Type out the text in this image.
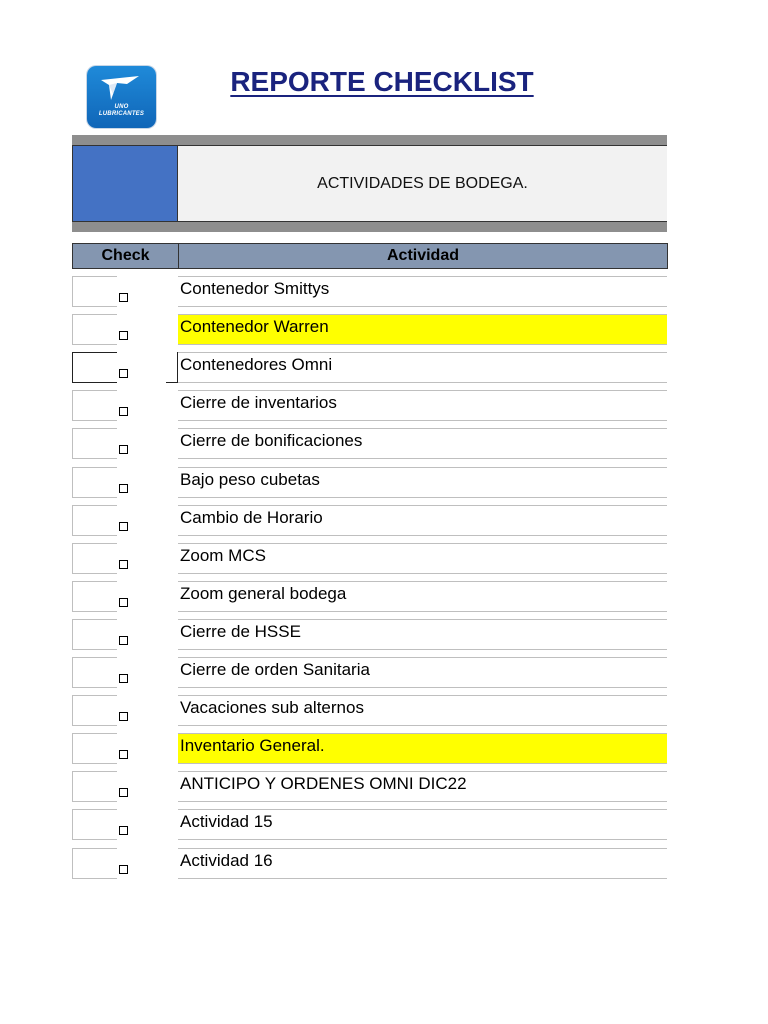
UNO
LUBRICANTES
REPORTE CHECKLIST
ACTIVIDADES DE BODEGA.
Check	Actividad
Contenedor Smittys
Contenedor Warren
Contenedores Omni
Cierre de inventarios
Cierre de bonificaciones
Bajo peso cubetas
Cambio de Horario
Zoom MCS
Zoom general bodega
Cierre de HSSE
Cierre de orden Sanitaria
Vacaciones sub alternos
Inventario General.
ANTICIPO Y ORDENES OMNI DIC22
Actividad 15
Actividad 16
